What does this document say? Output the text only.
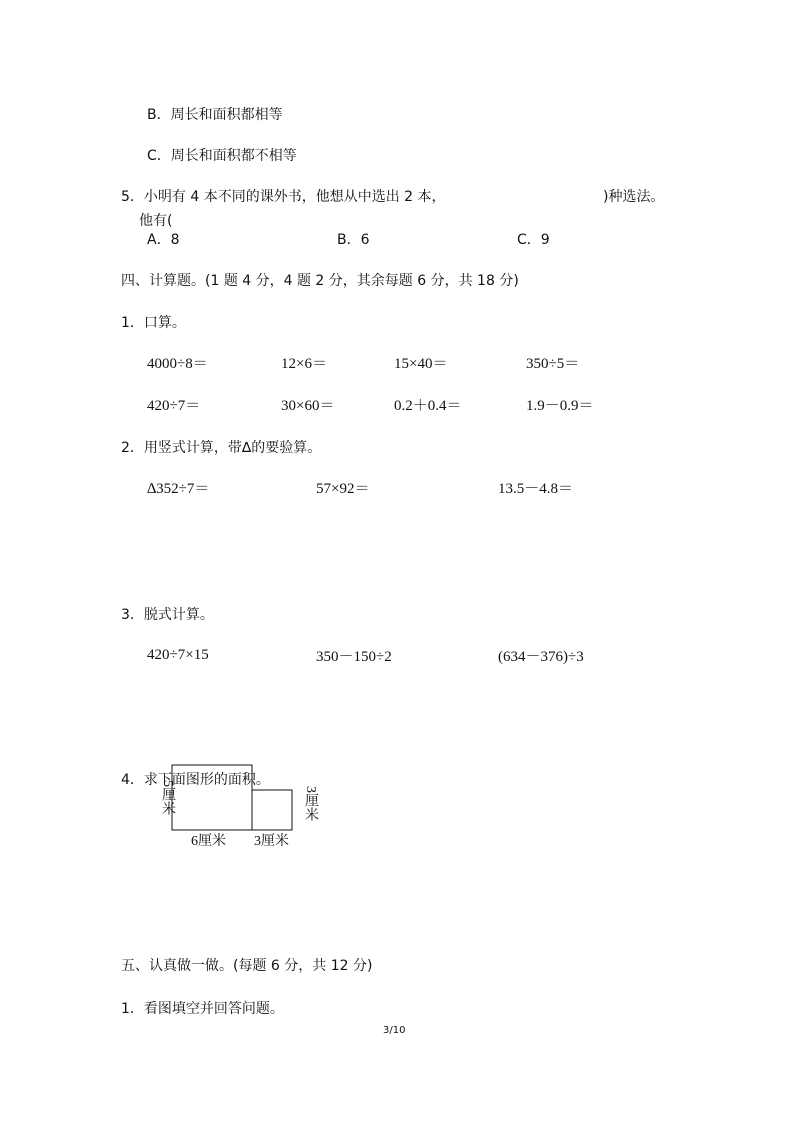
B．周长和面积都相等
C．周长和面积都不相等
5．小明有 4 本不同的课外书，他想从中选出 2 本，	)种选法。
他有(
A．8	B．6	C．9
四、计算题。(1 题 4 分，4 题 2 分，其余每题 6 分，共 18 分)
1．口算。
4000÷8＝	12×6＝	15×40＝	350÷5＝
420÷7＝	30×60＝	0.2＋0.4＝	1.9－0.9＝
2．用竖式计算，带∆的要验算。
∆352÷7＝	57×92＝	13.5－4.8＝
3．脱式计算。
420÷7×15	350－150÷2	(634－376)÷3
4．求下面图形的面积。
5厘米	3厘米
6厘米 3厘米
五、认真做一做。(每题 6 分，共 12 分)
1．看图填空并回答问题。
3/10
